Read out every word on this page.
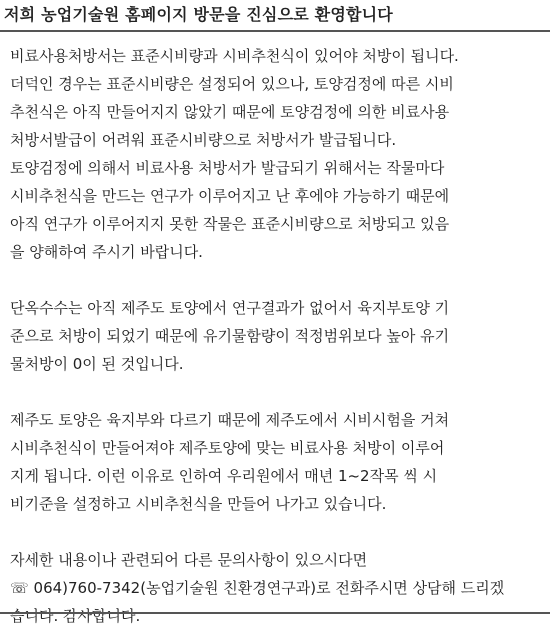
저희 농업기술원 홈페이지 방문을 진심으로 환영합니다
비료사용처방서는 표준시비량과 시비추천식이 있어야 처방이 됩니다.
더덕인 경우는 표준시비량은 설정되어 있으나, 토양검정에 따른 시비
추천식은 아직 만들어지지 않았기 때문에 토양검정에 의한 비료사용
처방서발급이 어려워 표준시비량으로 처방서가 발급됩니다.
토양검정에 의해서 비료사용 처방서가 발급되기 위해서는 작물마다
시비추천식을 만드는 연구가 이루어지고 난 후에야 가능하기 때문에
아직 연구가 이루어지지 못한 작물은 표준시비량으로 처방되고 있음
을 양해하여 주시기 바랍니다.
단옥수수는 아직 제주도 토양에서 연구결과가 없어서 육지부토양 기
준으로 처방이 되었기 때문에 유기물함량이 적정범위보다 높아 유기
물처방이 0이 된 것입니다.
제주도 토양은 육지부와 다르기 때문에 제주도에서 시비시험을 거쳐
시비추천식이 만들어져야 제주토양에 맞는 비료사용 처방이 이루어
지게 됩니다. 이런 이유로 인하여 우리원에서 매년 1~2작목 씩 시
비기준을 설정하고 시비추천식을 만들어 나가고 있습니다.
자세한 내용이나 관련되어 다른 문의사항이 있으시다면
☏ 064)760-7342(농업기술원 친환경연구과)로 전화주시면 상담해 드리겠
습니다. 감사합니다.
